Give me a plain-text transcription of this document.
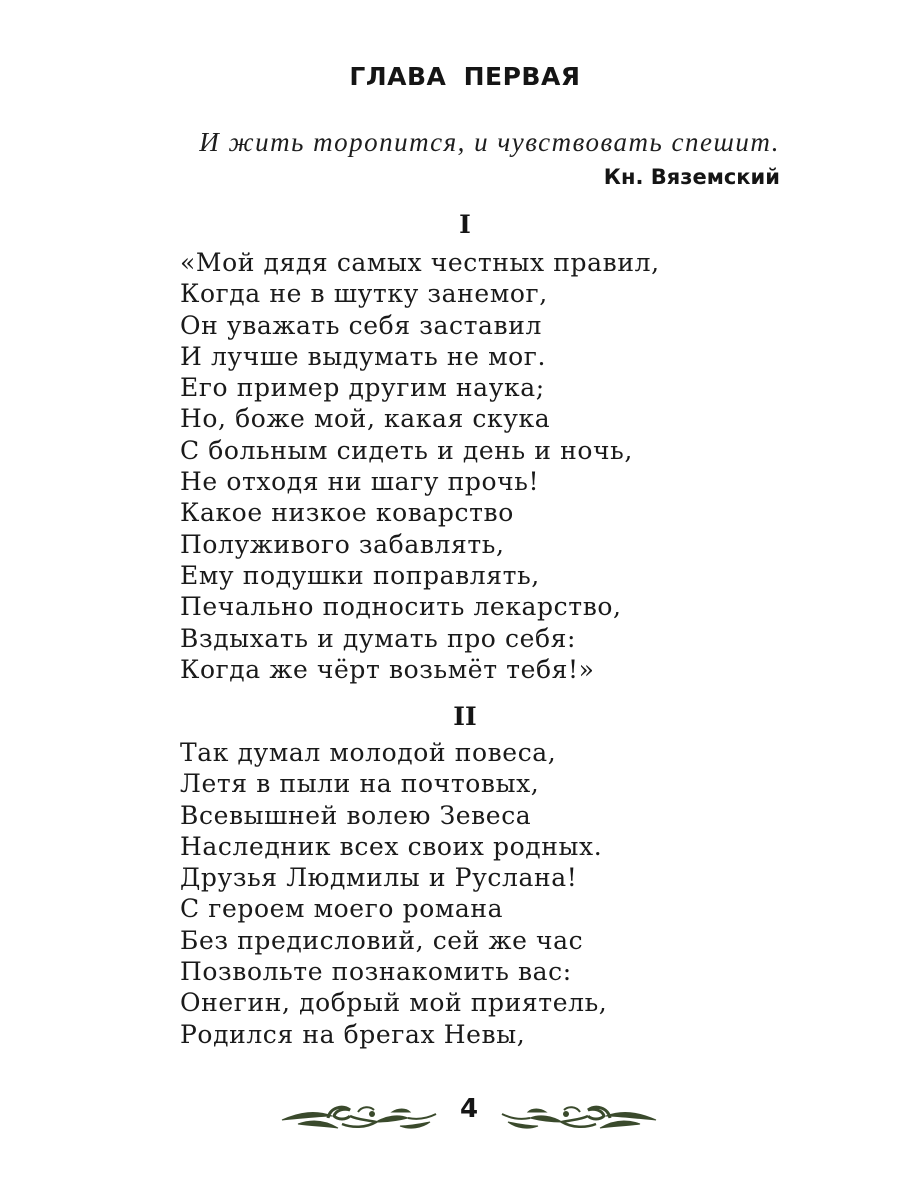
ГЛАВА ПЕРВАЯ
И жить торопится, и чувствовать спешит.
Кн. Вяземский
I
«Мой дядя самых честных правил,
Когда не в шутку занемог,
Он уважать себя заставил
И лучше выдумать не мог.
Его пример другим наука;
Но, боже мой, какая скука
С больным сидеть и день и ночь,
Не отходя ни шагу прочь!
Какое низкое коварство
Полуживого забавлять,
Ему подушки поправлять,
Печально подносить лекарство,
Вздыхать и думать про себя:
Когда же чёрт возьмёт тебя!»
II
Так думал молодой повеса,
Летя в пыли на почтовых,
Всевышней волею Зевеса
Наследник всех своих родных.
Друзья Людмилы и Руслана!
С героем моего романа
Без предисловий, сей же час
Позвольте познакомить вас:
Онегин, добрый мой приятель,
Родился на брегах Невы,
4
